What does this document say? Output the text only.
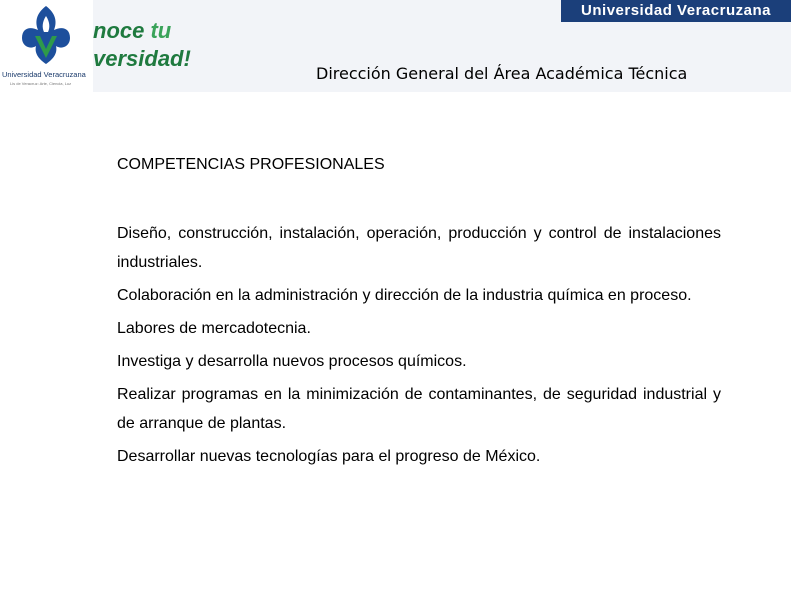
Universidad Veracruzana
Lis de Veracruz: Arte, Ciencia, Luz
noce tu
versidad!
Universidad Veracruzana
Dirección General del Área Académica Técnica
COMPETENCIAS PROFESIONALES
Diseño, construcción, instalación, operación, producción y control de instalaciones industriales.
Colaboración en la administración y dirección de la industria química en proceso.
Labores de mercadotecnia.
Investiga y desarrolla nuevos procesos químicos.
Realizar programas en la minimización de contaminantes, de seguridad industrial y de arranque de plantas.
Desarrollar nuevas tecnologías para el progreso de México.
